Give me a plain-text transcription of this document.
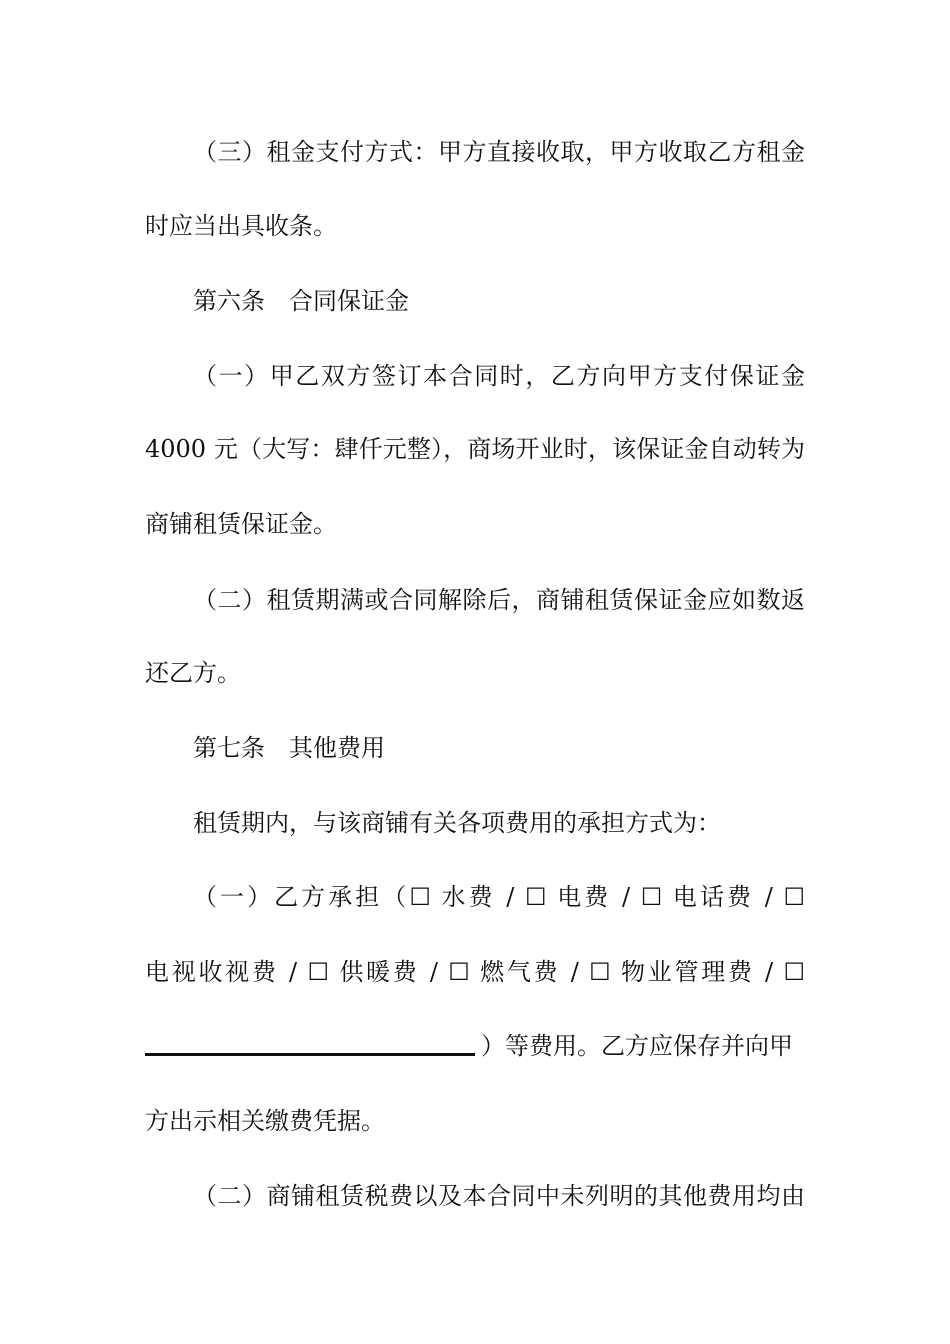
（三）租金支付方式：甲方直接收取，甲方收取乙方租金
时应当出具收条。
第六条　合同保证金
（一）甲乙双方签订本合同时，乙方向甲方支付保证金
4000 元（大写：肆仟元整），商场开业时，该保证金自动转为
商铺租赁保证金。
（二）租赁期满或合同解除后，商铺租赁保证金应如数返
还乙方。
第七条　其他费用
租赁期内，与该商铺有关各项费用的承担方式为：
（一）乙方承担（☐ 水费 / ☐ 电费 / ☐ 电话费 / ☐
电视收视费 / ☐ 供暖费 / ☐ 燃气费 / ☐ 物业管理费 / ☐
）等费用。乙方应保存并向甲
方出示相关缴费凭据。
（二）商铺租赁税费以及本合同中未列明的其他费用均由
